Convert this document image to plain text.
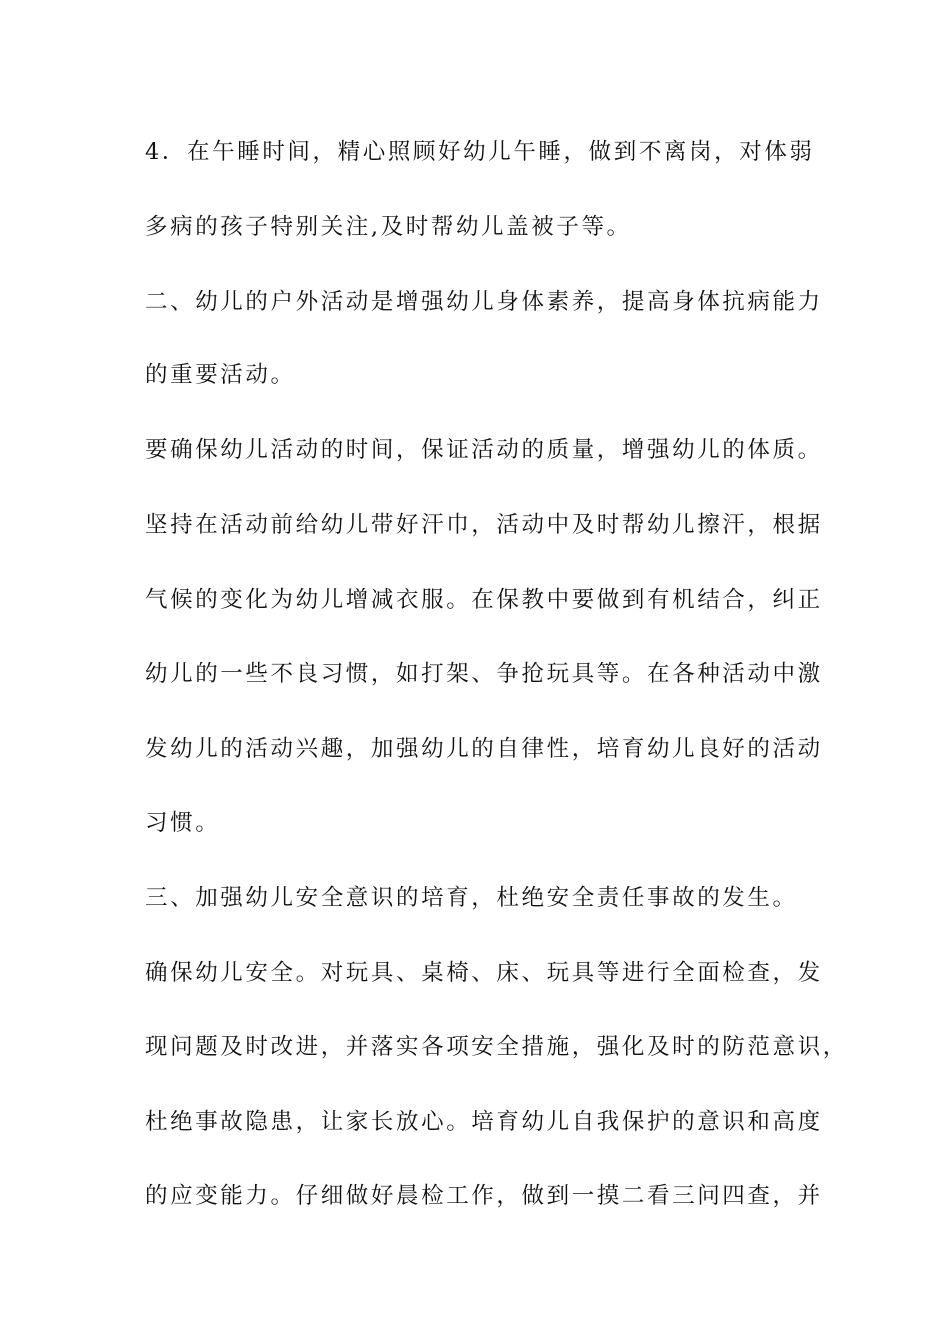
4．在午睡时间，精心照顾好幼儿午睡，做到不离岗，对体弱
多病的孩子特别关注,及时帮幼儿盖被子等。
二、幼儿的户外活动是增强幼儿身体素养，提高身体抗病能力
的重要活动。
要确保幼儿活动的时间，保证活动的质量，增强幼儿的体质。
坚持在活动前给幼儿带好汗巾，活动中及时帮幼儿擦汗，根据
气候的变化为幼儿增减衣服。在保教中要做到有机结合，纠正
幼儿的一些不良习惯，如打架、争抢玩具等。在各种活动中激
发幼儿的活动兴趣，加强幼儿的自律性，培育幼儿良好的活动
习惯。
三、加强幼儿安全意识的培育，杜绝安全责任事故的发生。
确保幼儿安全。对玩具、桌椅、床、玩具等进行全面检查，发
现问题及时改进，并落实各项安全措施，强化及时的防范意识，
杜绝事故隐患，让家长放心。培育幼儿自我保护的意识和高度
的应变能力。仔细做好晨检工作，做到一摸二看三问四查，并
